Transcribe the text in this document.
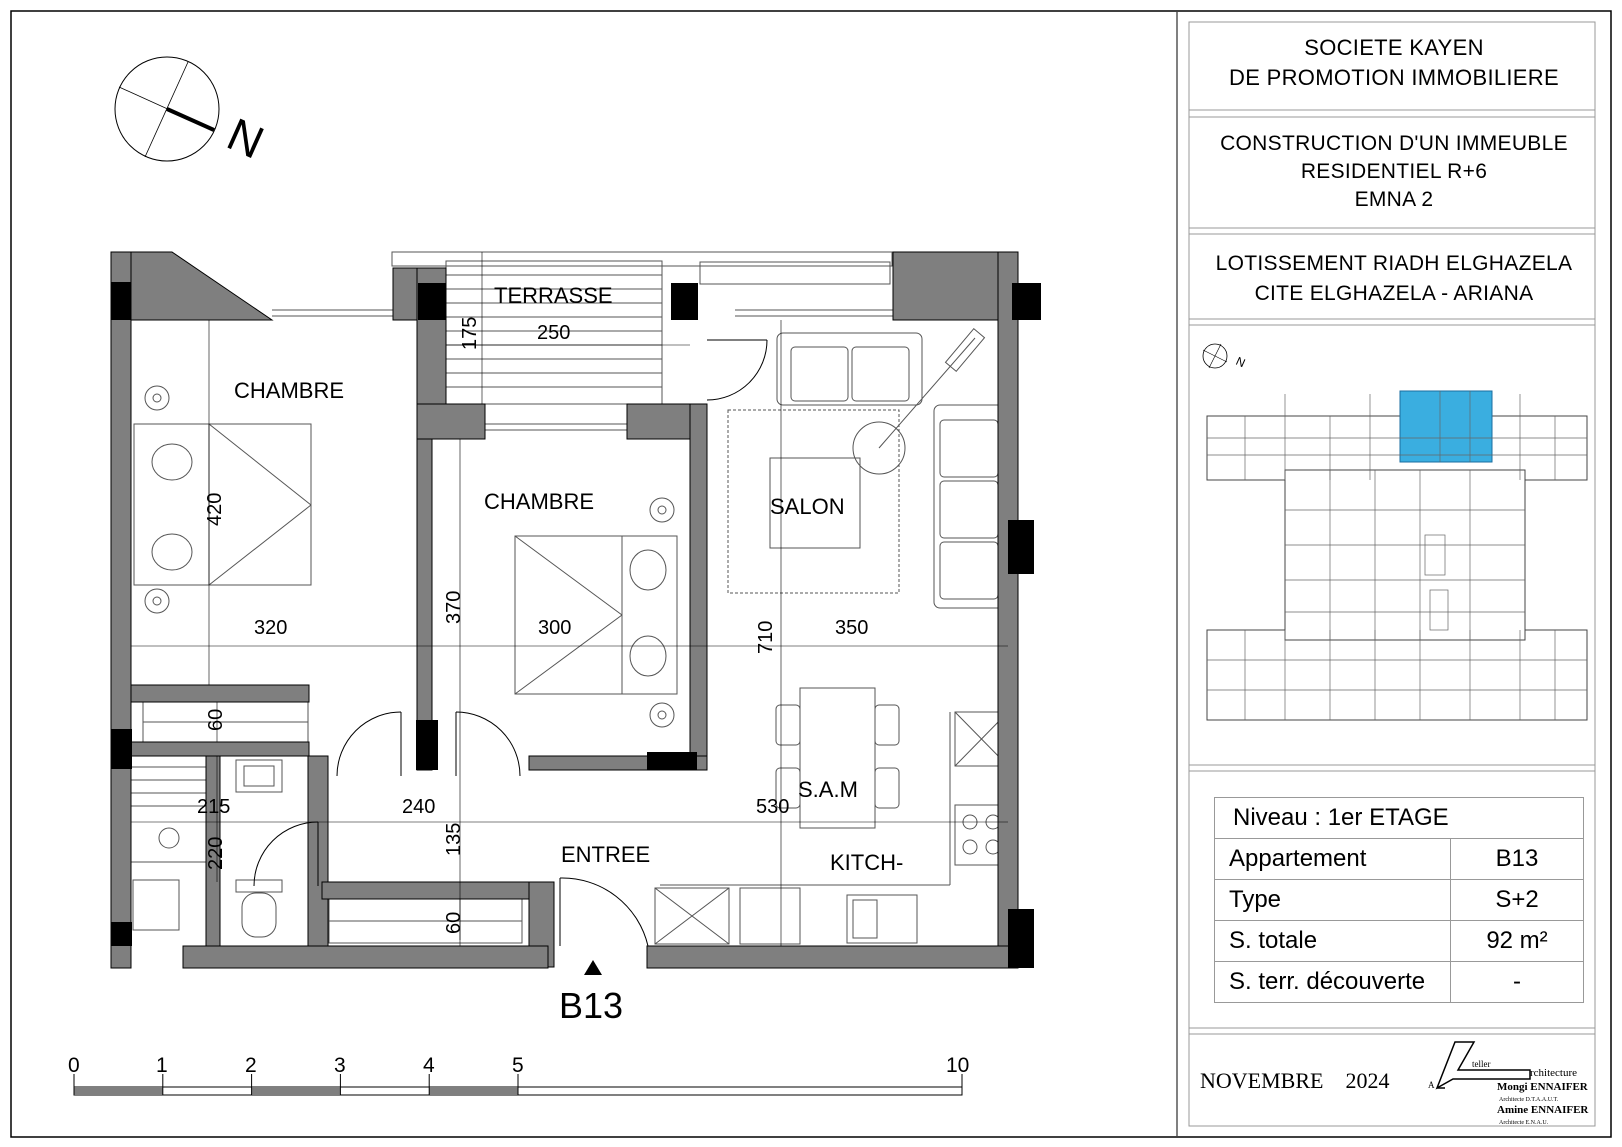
N
175	250
420
320
370
300	710	350
60
215
220
240
135
60
530
TERRASSE
CHAMBRE
CHAMBRE	SALON
S.A.M
ENTREE	KITCH-
B13
0	1	2	3	4	5	10
N
A
teller
rchitecture
Mongi ENNAIFER
Architecte D.T.A.A.U.T.
Amine ENNAIFER
Architecte E.N.A.U.
SOCIETE KAYEN
DE PROMOTION IMMOBILIERE
CONSTRUCTION D'UN IMMEUBLE
RESIDENTIEL R+6
EMNA 2
LOTISSEMENT RIADH ELGHAZELA
CITE ELGHAZELA - ARIANA
Niveau : 1er ETAGE	
Appartement	B13
Type	S+2
S. totale	92 m²
S. terr. découverte	-
NOVEMBRE    2024
